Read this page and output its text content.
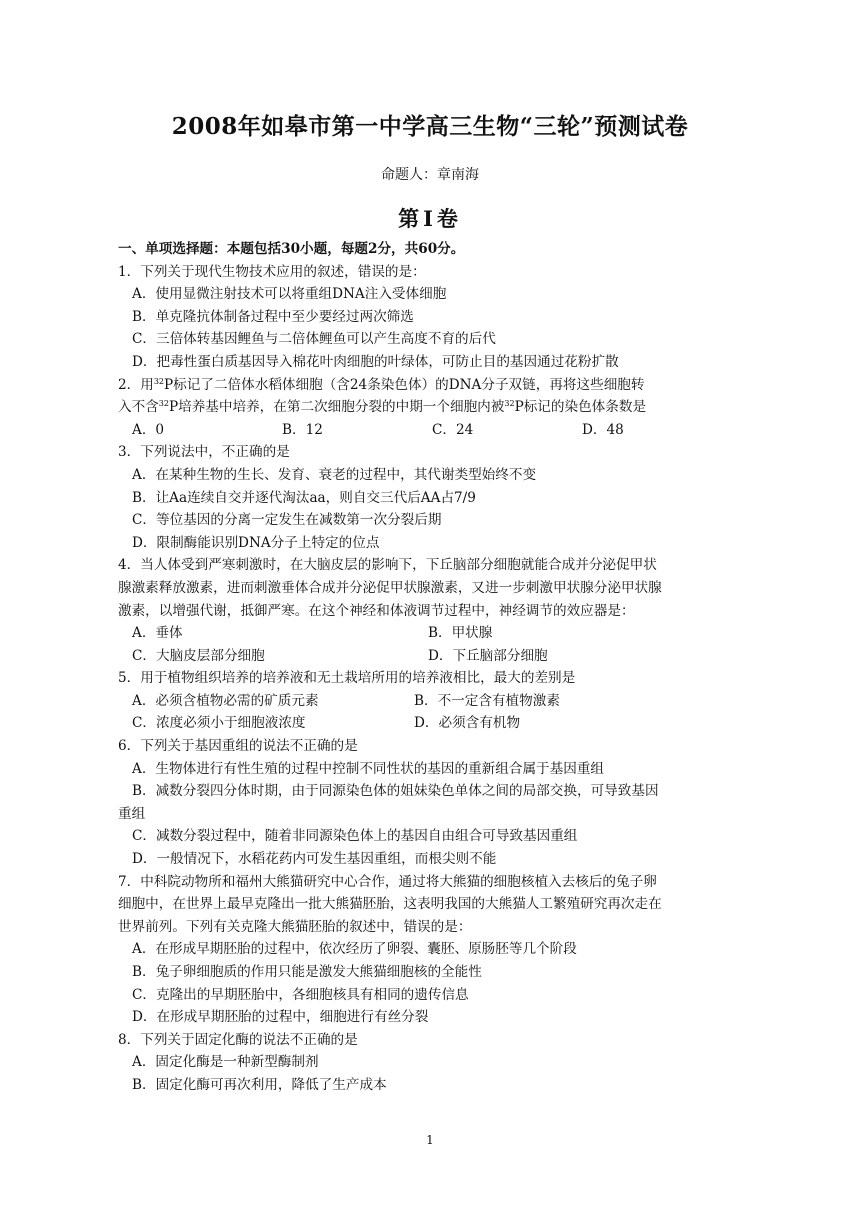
2008年如皋市第一中学高三生物“三轮”预测试卷
命题人：章南海
第Ⅰ卷
一、单项选择题：本题包括30小题，每题2分，共60分。
1．下列关于现代生物技术应用的叙述，错误的是：
A．使用显微注射技术可以将重组DNA注入受体细胞
B．单克隆抗体制备过程中至少要经过两次筛选
C．三倍体转基因鲤鱼与二倍体鲤鱼可以产生高度不育的后代
D．把毒性蛋白质基因导入棉花叶肉细胞的叶绿体，可防止目的基因通过花粉扩散
2．用$^{32}$P标记了二倍体水稻体细胞（含24条染色体）的DNA分子双链，再将这些细胞转
入不含$^{32}$P培养基中培养，在第二次细胞分裂的中期一个细胞内被$^{32}$P标记的染色体条数是
A．0	B．12	C．24	D．48
3．下列说法中，不正确的是
A．在某种生物的生长、发育、衰老的过程中，其代谢类型始终不变
B．让Aa连续自交并逐代淘汰aa，则自交三代后AA占7/9
C．等位基因的分离一定发生在减数第一次分裂后期
D．限制酶能识别DNA分子上特定的位点
4．当人体受到严寒刺激时，在大脑皮层的影响下，下丘脑部分细胞就能合成并分泌促甲状
腺激素释放激素，进而刺激垂体合成并分泌促甲状腺激素，又进一步刺激甲状腺分泌甲状腺
激素，以增强代谢，抵御严寒。在这个神经和体液调节过程中，神经调节的效应器是：
A．垂体	B．甲状腺
C．大脑皮层部分细胞	D．下丘脑部分细胞
5．用于植物组织培养的培养液和无土栽培所用的培养液相比，最大的差别是
A．必须含植物必需的矿质元素	B．不一定含有植物激素
C．浓度必须小于细胞液浓度	D．必须含有机物
6．下列关于基因重组的说法不正确的是
A．生物体进行有性生殖的过程中控制不同性状的基因的重新组合属于基因重组
B．减数分裂四分体时期，由于同源染色体的姐妹染色单体之间的局部交换，可导致基因
重组
C．减数分裂过程中，随着非同源染色体上的基因自由组合可导致基因重组
D．一般情况下，水稻花药内可发生基因重组，而根尖则不能
7．中科院动物所和福州大熊猫研究中心合作，通过将大熊猫的细胞核植入去核后的兔子卵
细胞中，在世界上最早克隆出一批大熊猫胚胎，这表明我国的大熊猫人工繁殖研究再次走在
世界前列。下列有关克隆大熊猫胚胎的叙述中，错误的是：
A．在形成早期胚胎的过程中，依次经历了卵裂、囊胚、原肠胚等几个阶段
B．兔子卵细胞质的作用只能是激发大熊猫细胞核的全能性
C．克隆出的早期胚胎中，各细胞核具有相同的遗传信息
D．在形成早期胚胎的过程中，细胞进行有丝分裂
8．下列关于固定化酶的说法不正确的是
A．固定化酶是一种新型酶制剂
B．固定化酶可再次利用，降低了生产成本
1
